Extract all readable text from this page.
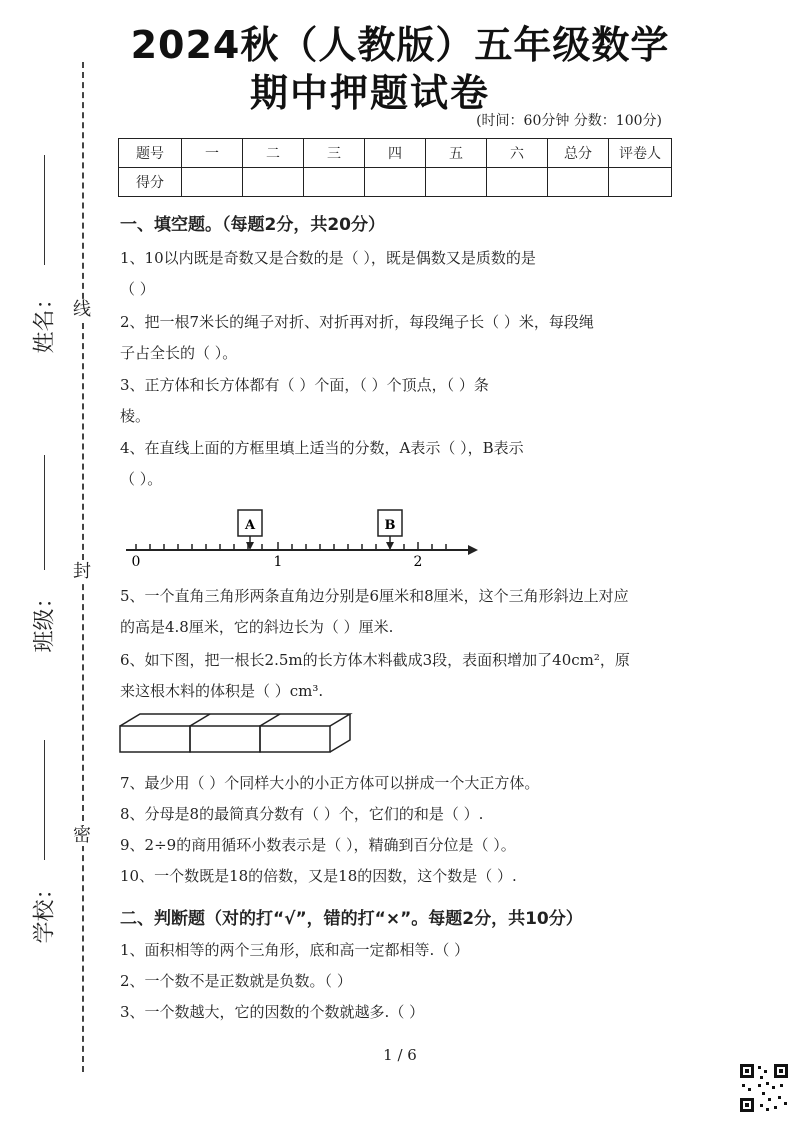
线
封
密
姓名：
班级：
学校：
2024秋（人教版）五年级数学
期中押题试卷
(时间：60分钟 分数：100分)
题号	一	二	三	四	五	六	总分	评卷人
得分								
一、填空题。（每题2分，共20分）
1、10以内既是奇数又是合数的是（ ），既是偶数又是质数的是
（ ）
2、把一根7米长的绳子对折、对折再对折，每段绳子长（ ）米，每段绳
子占全长的（ ）。
3、正方体和长方体都有（ ）个面，（ ）个顶点，（ ）条
棱。
4、在直线上面的方框里填上适当的分数，A表示（ ），B表示
（ ）。
A	B
0	1	2
5、一个直角三角形两条直角边分别是6厘米和8厘米，这个三角形斜边上对应
的高是4.8厘米，它的斜边长为（ ）厘米.
6、如下图，把一根长2.5m的长方体木料截成3段，表面积增加了40cm²，原
来这根木料的体积是（ ）cm³.
7、最少用（ ）个同样大小的小正方体可以拼成一个大正方体。
8、分母是8的最简真分数有（ ）个，它们的和是（ ）.
9、2÷9的商用循环小数表示是（ ），精确到百分位是（ ）。
10、一个数既是18的倍数，又是18的因数，这个数是（ ）.
二、判断题（对的打“√”，错的打“×”。每题2分，共10分）
1、面积相等的两个三角形，底和高一定都相等.（ ）
2、一个数不是正数就是负数。（ ）
3、一个数越大，它的因数的个数就越多.（ ）
1 / 6
